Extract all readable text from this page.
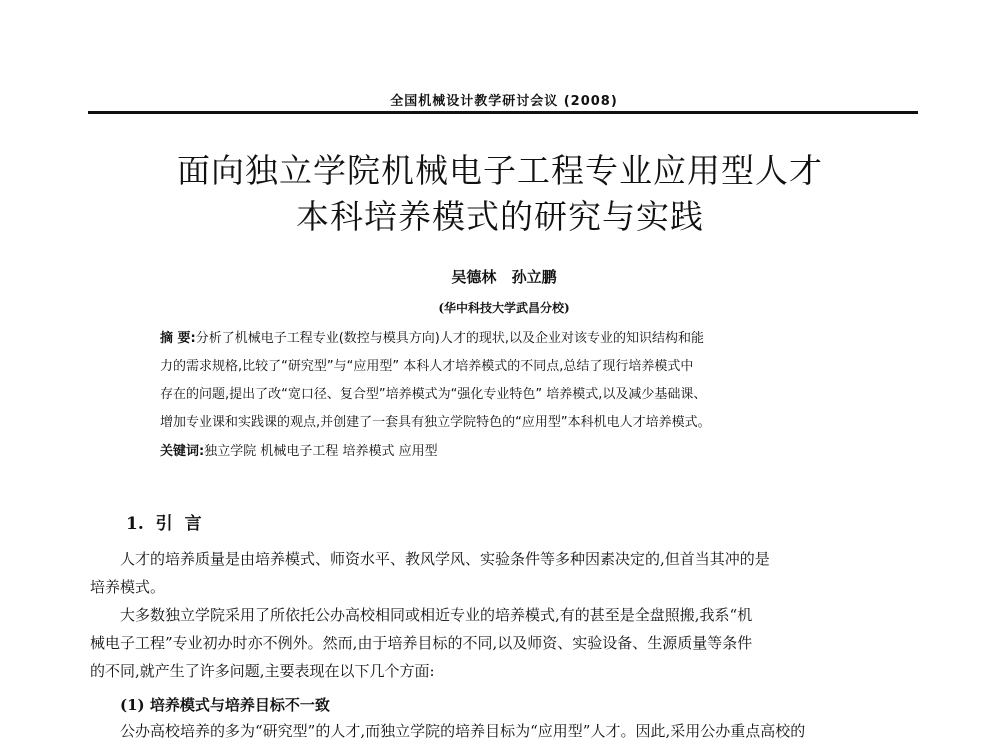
全国机械设计教学研讨会议 (2008)
面向独立学院机械电子工程专业应用型人才
本科培养模式的研究与实践
吴德林 孙立鹏
(华中科技大学武昌分校)
摘 要:分析了机械电子工程专业(数控与模具方向)人才的现状,以及企业对该专业的知识结构和能
力的需求规格,比较了“研究型”与“应用型” 本科人才培养模式的不同点,总结了现行培养模式中
存在的问题,提出了改“宽口径、复合型”培养模式为“强化专业特色” 培养模式,以及减少基础课、
增加专业课和实践课的观点,并创建了一套具有独立学院特色的“应用型”本科机电人才培养模式。
关键词:独立学院 机械电子工程 培养模式 应用型
1. 引 言
人才的培养质量是由培养模式、师资水平、教风学风、实验条件等多种因素决定的,但首当其冲的是
培养模式。
大多数独立学院采用了所依托公办高校相同或相近专业的培养模式,有的甚至是全盘照搬,我系“机
械电子工程”专业初办时亦不例外。然而,由于培养目标的不同,以及师资、实验设备、生源质量等条件
的不同,就产生了许多问题,主要表现在以下几个方面:
(1) 培养模式与培养目标不一致
公办高校培养的多为“研究型”的人才,而独立学院的培养目标为“应用型”人才。因此,采用公办重点高校的
